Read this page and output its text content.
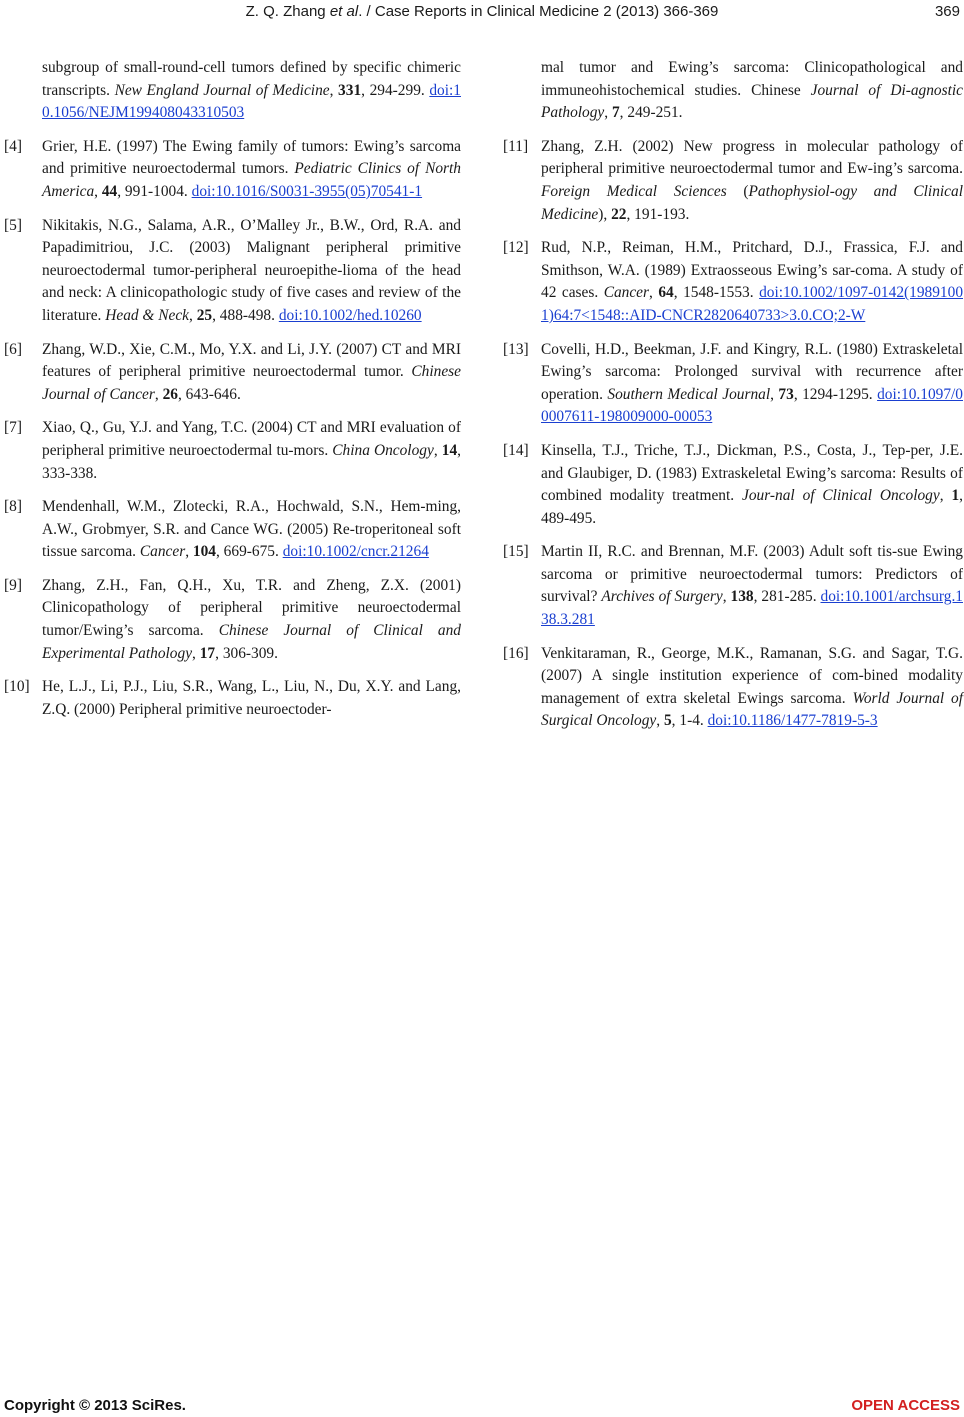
Z. Q. Zhang et al. / Case Reports in Clinical Medicine 2 (2013) 366-369	369
subgroup of small-round-cell tumors defined by specific chimeric transcripts. New England Journal of Medicine, 331, 294-299. doi:10.1056/NEJM199408043310503
[4] Grier, H.E. (1997) The Ewing family of tumors: Ewing’s sarcoma and primitive neuroectodermal tumors. Pediatric Clinics of North America, 44, 991-1004. doi:10.1016/S0031-3955(05)70541-1
[5] Nikitakis, N.G., Salama, A.R., O’Malley Jr., B.W., Ord, R.A. and Papadimitriou, J.C. (2003) Malignant peripheral primitive neuroectodermal tumor-peripheral neuroepithe-lioma of the head and neck: A clinicopathologic study of five cases and review of the literature. Head & Neck, 25, 488-498. doi:10.1002/hed.10260
[6] Zhang, W.D., Xie, C.M., Mo, Y.X. and Li, J.Y. (2007) CT and MRI features of peripheral primitive neuroectodermal tumor. Chinese Journal of Cancer, 26, 643-646.
[7] Xiao, Q., Gu, Y.J. and Yang, T.C. (2004) CT and MRI evaluation of peripheral primitive neuroectodermal tu-mors. China Oncology, 14, 333-338.
[8] Mendenhall, W.M., Zlotecki, R.A., Hochwald, S.N., Hem-ming, A.W., Grobmyer, S.R. and Cance WG. (2005) Re-troperitoneal soft tissue sarcoma. Cancer, 104, 669-675. doi:10.1002/cncr.21264
[9] Zhang, Z.H., Fan, Q.H., Xu, T.R. and Zheng, Z.X. (2001) Clinicopathology of peripheral primitive neuroectodermal tumor/Ewing’s sarcoma. Chinese Journal of Clinical and Experimental Pathology, 17, 306-309.
[10] He, L.J., Li, P.J., Liu, S.R., Wang, L., Liu, N., Du, X.Y. and Lang, Z.Q. (2000) Peripheral primitive neuroectoder-
mal tumor and Ewing’s sarcoma: Clinicopathological and immuneohistochemical studies. Chinese Journal of Di-agnostic Pathology, 7, 249-251.
[11] Zhang, Z.H. (2002) New progress in molecular pathology of peripheral primitive neuroectodermal tumor and Ew-ing’s sarcoma. Foreign Medical Sciences (Pathophysiol-ogy and Clinical Medicine), 22, 191-193.
[12] Rud, N.P., Reiman, H.M., Pritchard, D.J., Frassica, F.J. and Smithson, W.A. (1989) Extraosseous Ewing’s sar-coma. A study of 42 cases. Cancer, 64, 1548-1553. doi:10.1002/1097-0142(19891001)64:7<1548::AID-CNCR2820640733>3.0.CO;2-W
[13] Covelli, H.D., Beekman, J.F. and Kingry, R.L. (1980) Extraskeletal Ewing’s sarcoma: Prolonged survival with recurrence after operation. Southern Medical Journal, 73, 1294-1295. doi:10.1097/00007611-198009000-00053
[14] Kinsella, T.J., Triche, T.J., Dickman, P.S., Costa, J., Tep-per, J.E. and Glaubiger, D. (1983) Extraskeletal Ewing’s sarcoma: Results of combined modality treatment. Jour-nal of Clinical Oncology, 1, 489-495.
[15] Martin II, R.C. and Brennan, M.F. (2003) Adult soft tis-sue Ewing sarcoma or primitive neuroectodermal tumors: Predictors of survival? Archives of Surgery, 138, 281-285. doi:10.1001/archsurg.138.3.281
[16] Venkitaraman, R., George, M.K., Ramanan, S.G. and Sagar, T.G. (2007) A single institution experience of com-bined modality management of extra skeletal Ewings sarcoma. World Journal of Surgical Oncology, 5, 1-4. doi:10.1186/1477-7819-5-3
Copyright © 2013 SciRes.	OPEN ACCESS
